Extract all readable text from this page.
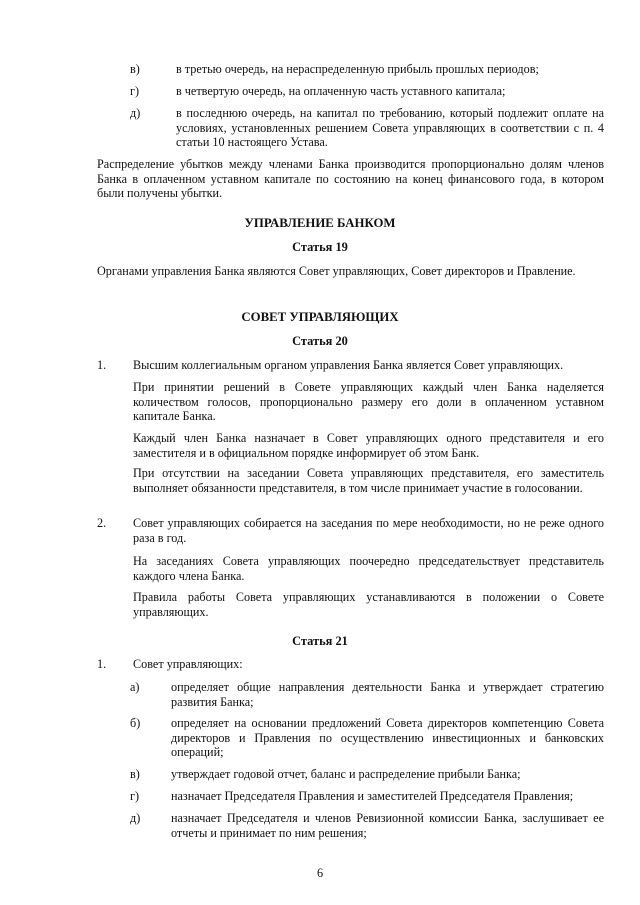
в)	в третью очередь, на нераспределенную прибыль прошлых периодов;
г)	в четвертую очередь, на оплаченную часть уставного капитала;
д)	в последнюю очередь, на капитал по требованию, который подлежит оплате на условиях, установленных решением Совета управляющих в соответствии с п. 4 статьи 10 настоящего Устава.
Распределение убытков между членами Банка производится пропорционально долям членов Банка в оплаченном уставном капитале по состоянию на конец финансового года, в котором были получены убытки.
УПРАВЛЕНИЕ БАНКОМ
Статья 19
Органами управления Банка являются Совет управляющих, Совет директоров и Правление.
СОВЕТ УПРАВЛЯЮЩИХ
Статья 20
1. Высшим коллегиальным органом управления Банка является Совет управляющих.
При принятии решений в Совете управляющих каждый член Банка наделяется количеством голосов, пропорционально размеру его доли в оплаченном уставном капитале Банка.
Каждый член Банка назначает в Совет управляющих одного представителя и его заместителя и в официальном порядке информирует об этом Банк.
При отсутствии на заседании Совета управляющих представителя, его заместитель выполняет обязанности представителя, в том числе принимает участие в голосовании.
2. Совет управляющих собирается на заседания по мере необходимости, но не реже одного раза в год.
На заседаниях Совета управляющих поочередно председательствует представитель каждого члена Банка.
Правила работы Совета управляющих устанавливаются в положении о Совете управляющих.
Статья 21
1. Совет управляющих:
а)	определяет общие направления деятельности Банка и утверждает стратегию развития Банка;
б)	определяет на основании предложений Совета директоров компетенцию Совета директоров и Правления по осуществлению инвестиционных и банковских операций;
в)	утверждает годовой отчет, баланс и распределение прибыли Банка;
г)	назначает Председателя Правления и заместителей Председателя Правления;
д)	назначает Председателя и членов Ревизионной комиссии Банка, заслушивает ее отчеты и принимает по ним решения;
6
